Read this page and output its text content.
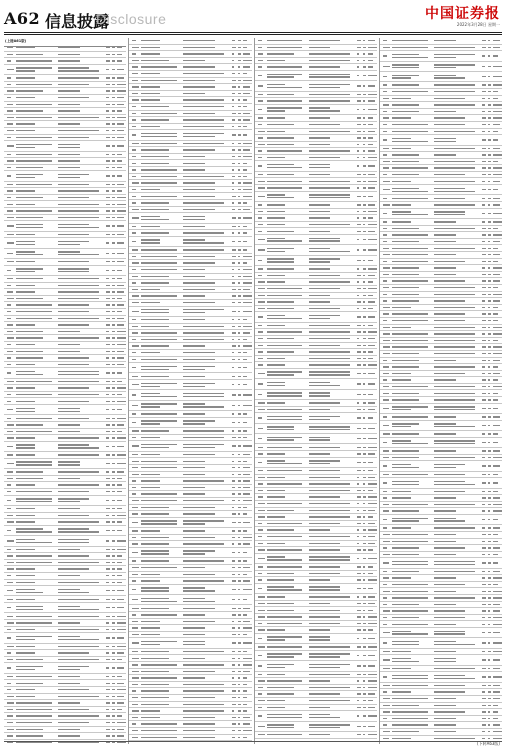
A62 信息披露
Disclosure	中国证券报
2022年3月28日 星期一
(上接A61版)
(下转A63版)
